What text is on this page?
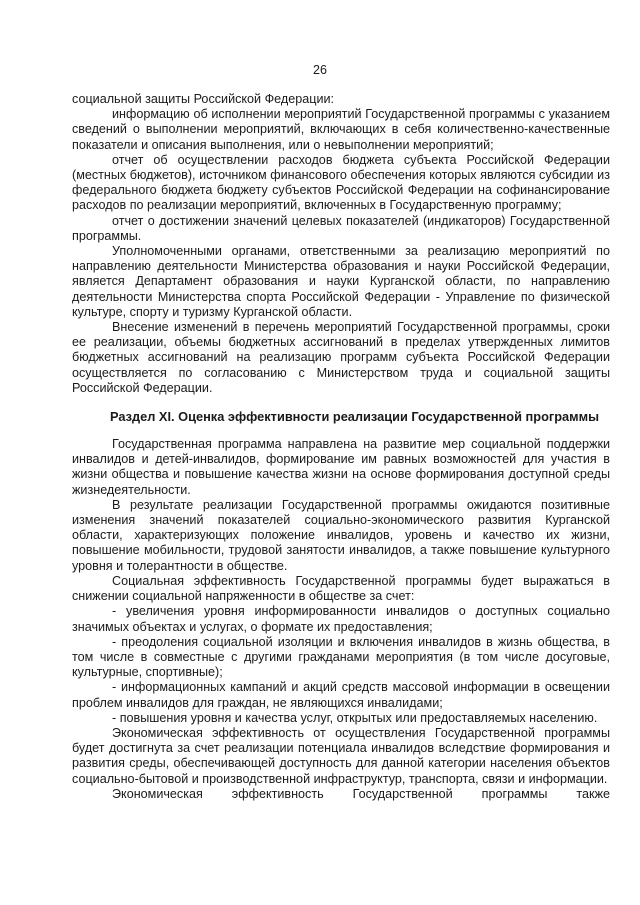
26

социальной защиты Российской Федерации:

информацию об исполнении мероприятий Государственной программы с указанием сведений о выполнении мероприятий, включающих в себя количественно-качественные показатели и описания выполнения, или о невыполнении мероприятий;

отчет об осуществлении расходов бюджета субъекта Российской Федерации (местных бюджетов), источником финансового обеспечения которых являются субсидии из федерального бюджета бюджету субъектов Российской Федерации на софинансирование расходов по реализации мероприятий, включенных в Государственную программу;

отчет о достижении значений целевых показателей (индикаторов) Государственной программы.

Уполномоченными органами, ответственными за реализацию мероприятий по направлению деятельности Министерства образования и науки Российской Федерации, является Департамент образования и науки Курганской области, по направлению деятельности Министерства спорта Российской Федерации - Управление по физической культуре, спорту и туризму Курганской области.

Внесение изменений в перечень мероприятий Государственной программы, сроки ее реализации, объемы бюджетных ассигнований в пределах утвержденных лимитов бюджетных ассигнований на реализацию программ субъекта Российской Федерации осуществляется по согласованию с Министерством труда и социальной защиты Российской Федерации.

Раздел XI. Оценка эффективности реализации Государственной программы

Государственная программа направлена на развитие мер социальной поддержки инвалидов и детей-инвалидов, формирование им равных возможностей для участия в жизни общества и повышение качества жизни на основе формирования доступной среды жизнедеятельности.

В результате реализации Государственной программы ожидаются позитивные изменения значений показателей социально-экономического развития Курганской области, характеризующих положение инвалидов, уровень и качество их жизни, повышение мобильности, трудовой занятости инвалидов, а также повышение культурного уровня и толерантности в обществе.

Социальная эффективность Государственной программы будет выражаться в снижении социальной напряженности в обществе за счет:

- увеличения уровня информированности инвалидов о доступных социально значимых объектах и услугах, о формате их предоставления;

- преодоления социальной изоляции и включения инвалидов в жизнь общества, в том числе в совместные с другими гражданами мероприятия (в том числе досуговые, культурные, спортивные);

- информационных кампаний и акций средств массовой информации в освещении проблем инвалидов для граждан, не являющихся инвалидами;

- повышения уровня и качества услуг, открытых или предоставляемых населению.

Экономическая эффективность от осуществления Государственной программы будет достигнута за счет реализации потенциала инвалидов вследствие формирования и развития среды, обеспечивающей доступность для данной категории населения объектов социально-бытовой и производственной инфраструктур, транспорта, связи и информации.

Экономическая эффективность Государственной программы также
